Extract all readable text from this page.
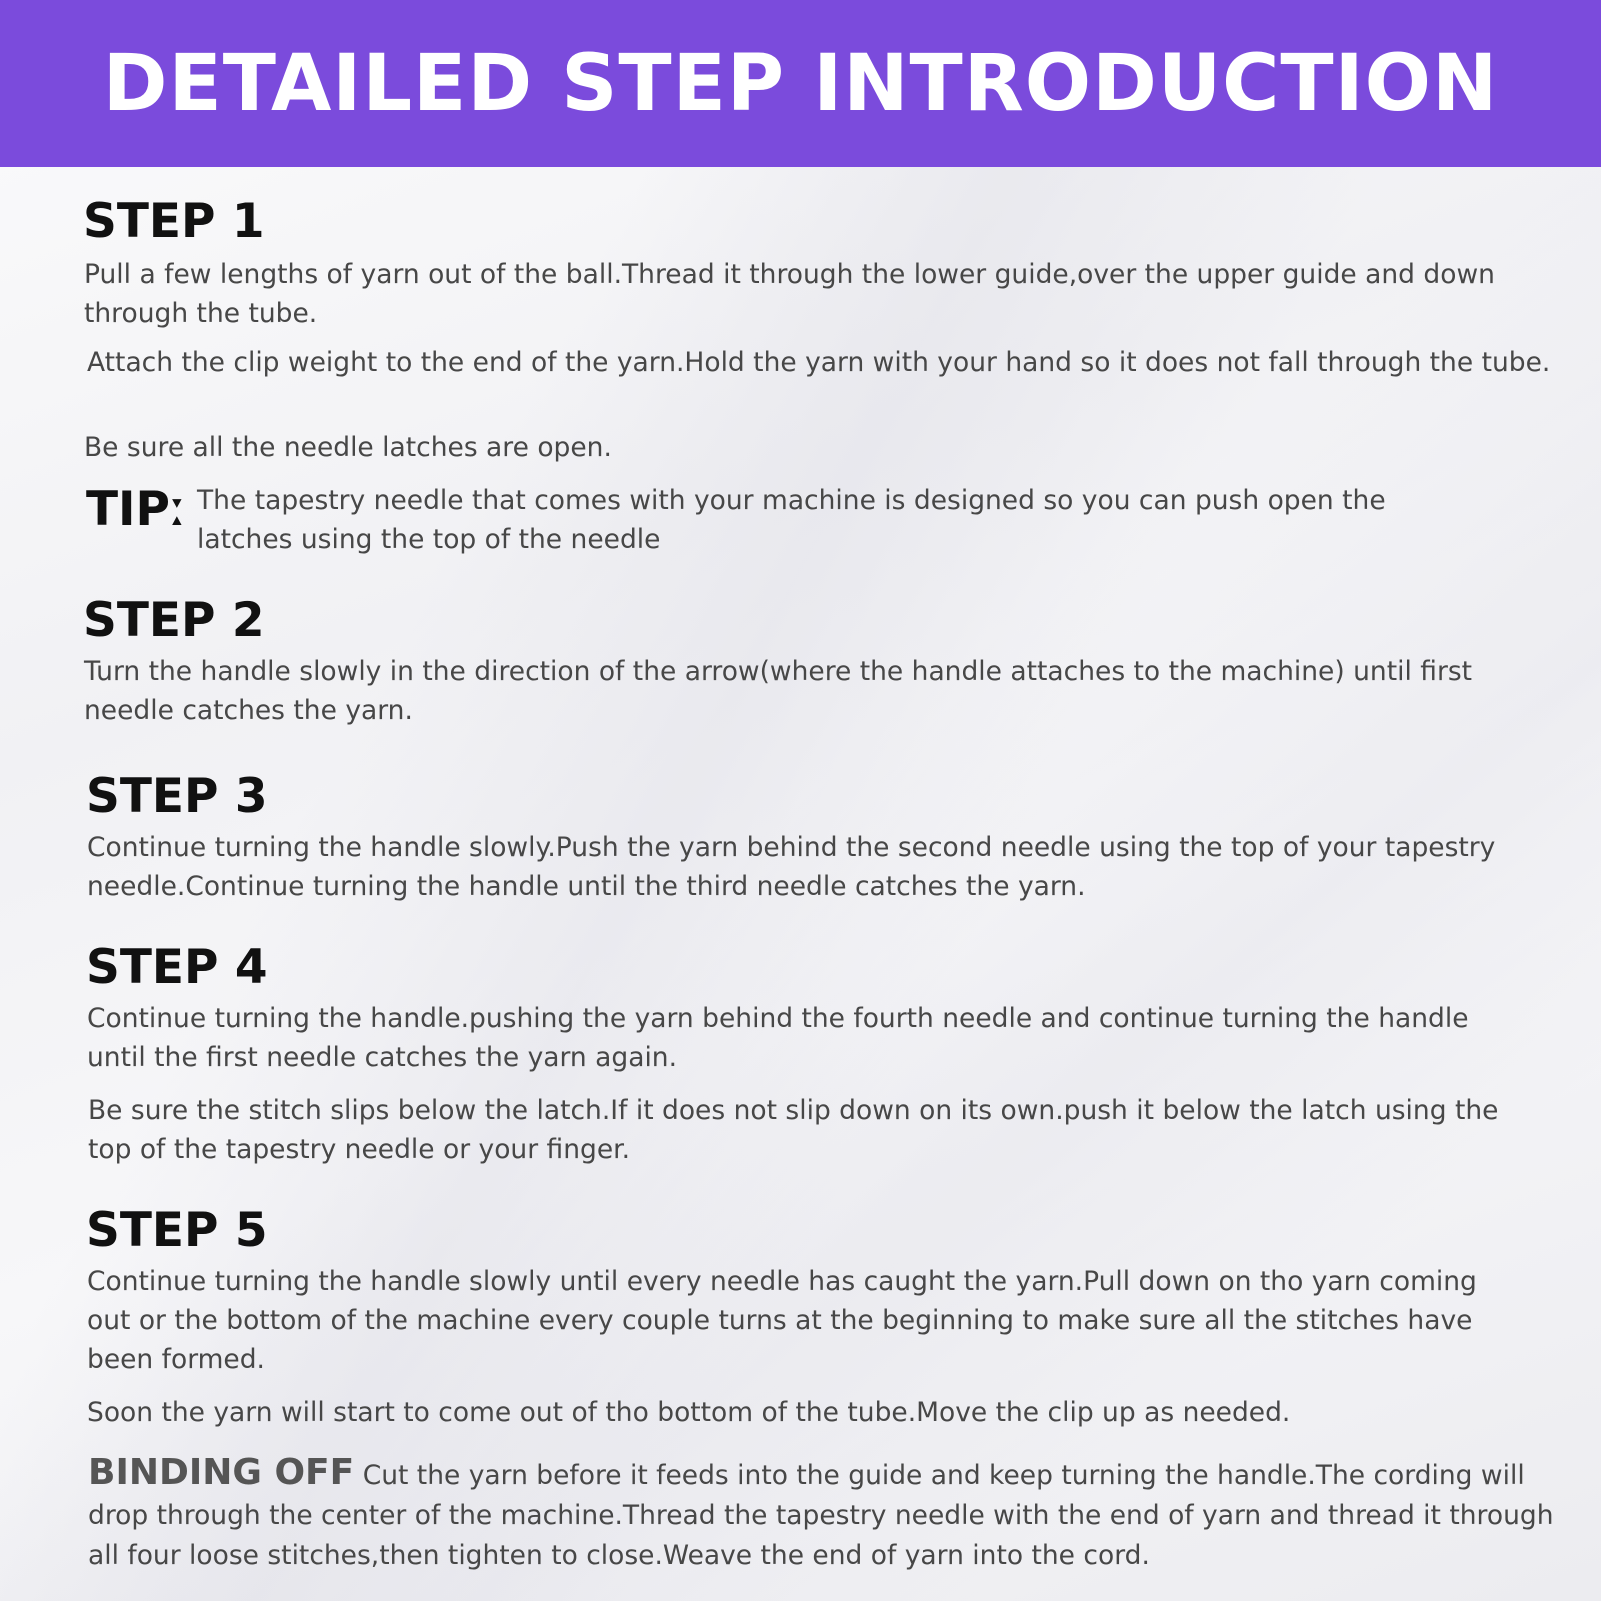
DETAILED STEP INTRODUCTION
STEP 1

Pull a few lengths of yarn out of the ball.Thread it through the lower guide,over the upper guide and down through the tube.

Attach the clip weight to the end of the yarn.Hold the yarn with your hand so it does not fall through the tube.

Be sure all the needle latches are open.

TIPː The tapestry needle that comes with your machine is designed so you can push open the latches using the top of the needle

STEP 2

Turn the handle slowly in the direction of the arrow(where the handle attaches to the machine) until first needle catches the yarn.

STEP 3

Continue turning the handle slowly.Push the yarn behind the second needle using the top of your tapestry needle.Continue turning the handle until the third needle catches the yarn.

STEP 4

Continue turning the handle.pushing the yarn behind the fourth needle and continue turning the handle until the first needle catches the yarn again.

Be sure the stitch slips below the latch.If it does not slip down on its own.push it below the latch using the top of the tapestry needle or your finger.

STEP 5

Continue turning the handle slowly until every needle has caught the yarn.Pull down on tho yarn coming out or the bottom of the machine every couple turns at the beginning to make sure all the stitches have been formed.

Soon the yarn will start to come out of tho bottom of the tube.Move the clip up as needed.

BINDING OFF Cut the yarn before it feeds into the guide and keep turning the handle.The cording will drop through the center of the machine.Thread the tapestry needle with the end of yarn and thread it through all four loose stitches,then tighten to close.Weave the end of yarn into the cord.
